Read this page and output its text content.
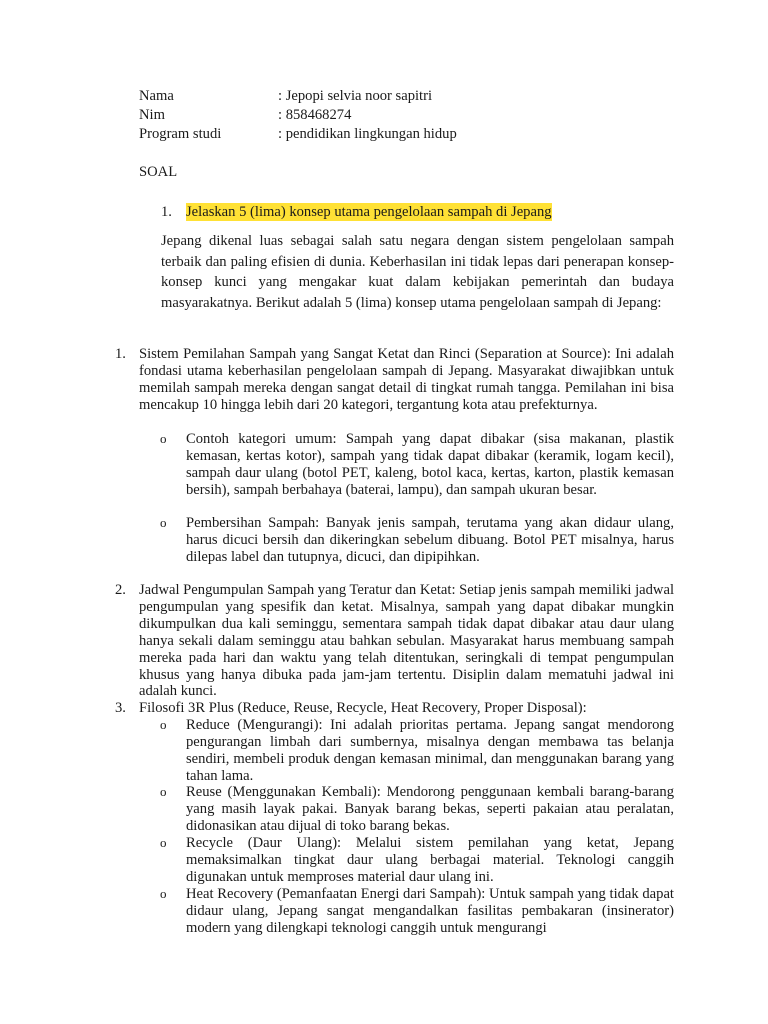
Nama	: Jepopi selvia noor sapitri
Nim	: 858468274
Program studi	: pendidikan lingkungan hidup
SOAL
1. Jelaskan 5 (lima) konsep utama pengelolaan sampah di Jepang

Jepang dikenal luas sebagai salah satu negara dengan sistem pengelolaan sampah terbaik dan paling efisien di dunia. Keberhasilan ini tidak lepas dari penerapan konsep-konsep kunci yang mengakar kuat dalam kebijakan pemerintah dan budaya masyarakatnya. Berikut adalah 5 (lima) konsep utama pengelolaan sampah di Jepang:

1. Sistem Pemilahan Sampah yang Sangat Ketat dan Rinci (Separation at Source): Ini adalah fondasi utama keberhasilan pengelolaan sampah di Jepang. Masyarakat diwajibkan untuk memilah sampah mereka dengan sangat detail di tingkat rumah tangga. Pemilahan ini bisa mencakup 10 hingga lebih dari 20 kategori, tergantung kota atau prefekturnya.

o Contoh kategori umum: Sampah yang dapat dibakar (sisa makanan, plastik kemasan, kertas kotor), sampah yang tidak dapat dibakar (keramik, logam kecil), sampah daur ulang (botol PET, kaleng, botol kaca, kertas, karton, plastik kemasan bersih), sampah berbahaya (baterai, lampu), dan sampah ukuran besar.

o Pembersihan Sampah: Banyak jenis sampah, terutama yang akan didaur ulang, harus dicuci bersih dan dikeringkan sebelum dibuang. Botol PET misalnya, harus dilepas label dan tutupnya, dicuci, dan dipipihkan.

2. Jadwal Pengumpulan Sampah yang Teratur dan Ketat: Setiap jenis sampah memiliki jadwal pengumpulan yang spesifik dan ketat. Misalnya, sampah yang dapat dibakar mungkin dikumpulkan dua kali seminggu, sementara sampah tidak dapat dibakar atau daur ulang hanya sekali dalam seminggu atau bahkan sebulan. Masyarakat harus membuang sampah mereka pada hari dan waktu yang telah ditentukan, seringkali di tempat pengumpulan khusus yang hanya dibuka pada jam-jam tertentu. Disiplin dalam mematuhi jadwal ini adalah kunci.

3. Filosofi 3R Plus (Reduce, Reuse, Recycle, Heat Recovery, Proper Disposal):

o Reduce (Mengurangi): Ini adalah prioritas pertama. Jepang sangat mendorong pengurangan limbah dari sumbernya, misalnya dengan membawa tas belanja sendiri, membeli produk dengan kemasan minimal, dan menggunakan barang yang tahan lama.

o Reuse (Menggunakan Kembali): Mendorong penggunaan kembali barang-barang yang masih layak pakai. Banyak barang bekas, seperti pakaian atau peralatan, didonasikan atau dijual di toko barang bekas.

o Recycle (Daur Ulang): Melalui sistem pemilahan yang ketat, Jepang memaksimalkan tingkat daur ulang berbagai material. Teknologi canggih digunakan untuk memproses material daur ulang ini.

o Heat Recovery (Pemanfaatan Energi dari Sampah): Untuk sampah yang tidak dapat didaur ulang, Jepang sangat mengandalkan fasilitas pembakaran (insinerator) modern yang dilengkapi teknologi canggih untuk mengurangi
